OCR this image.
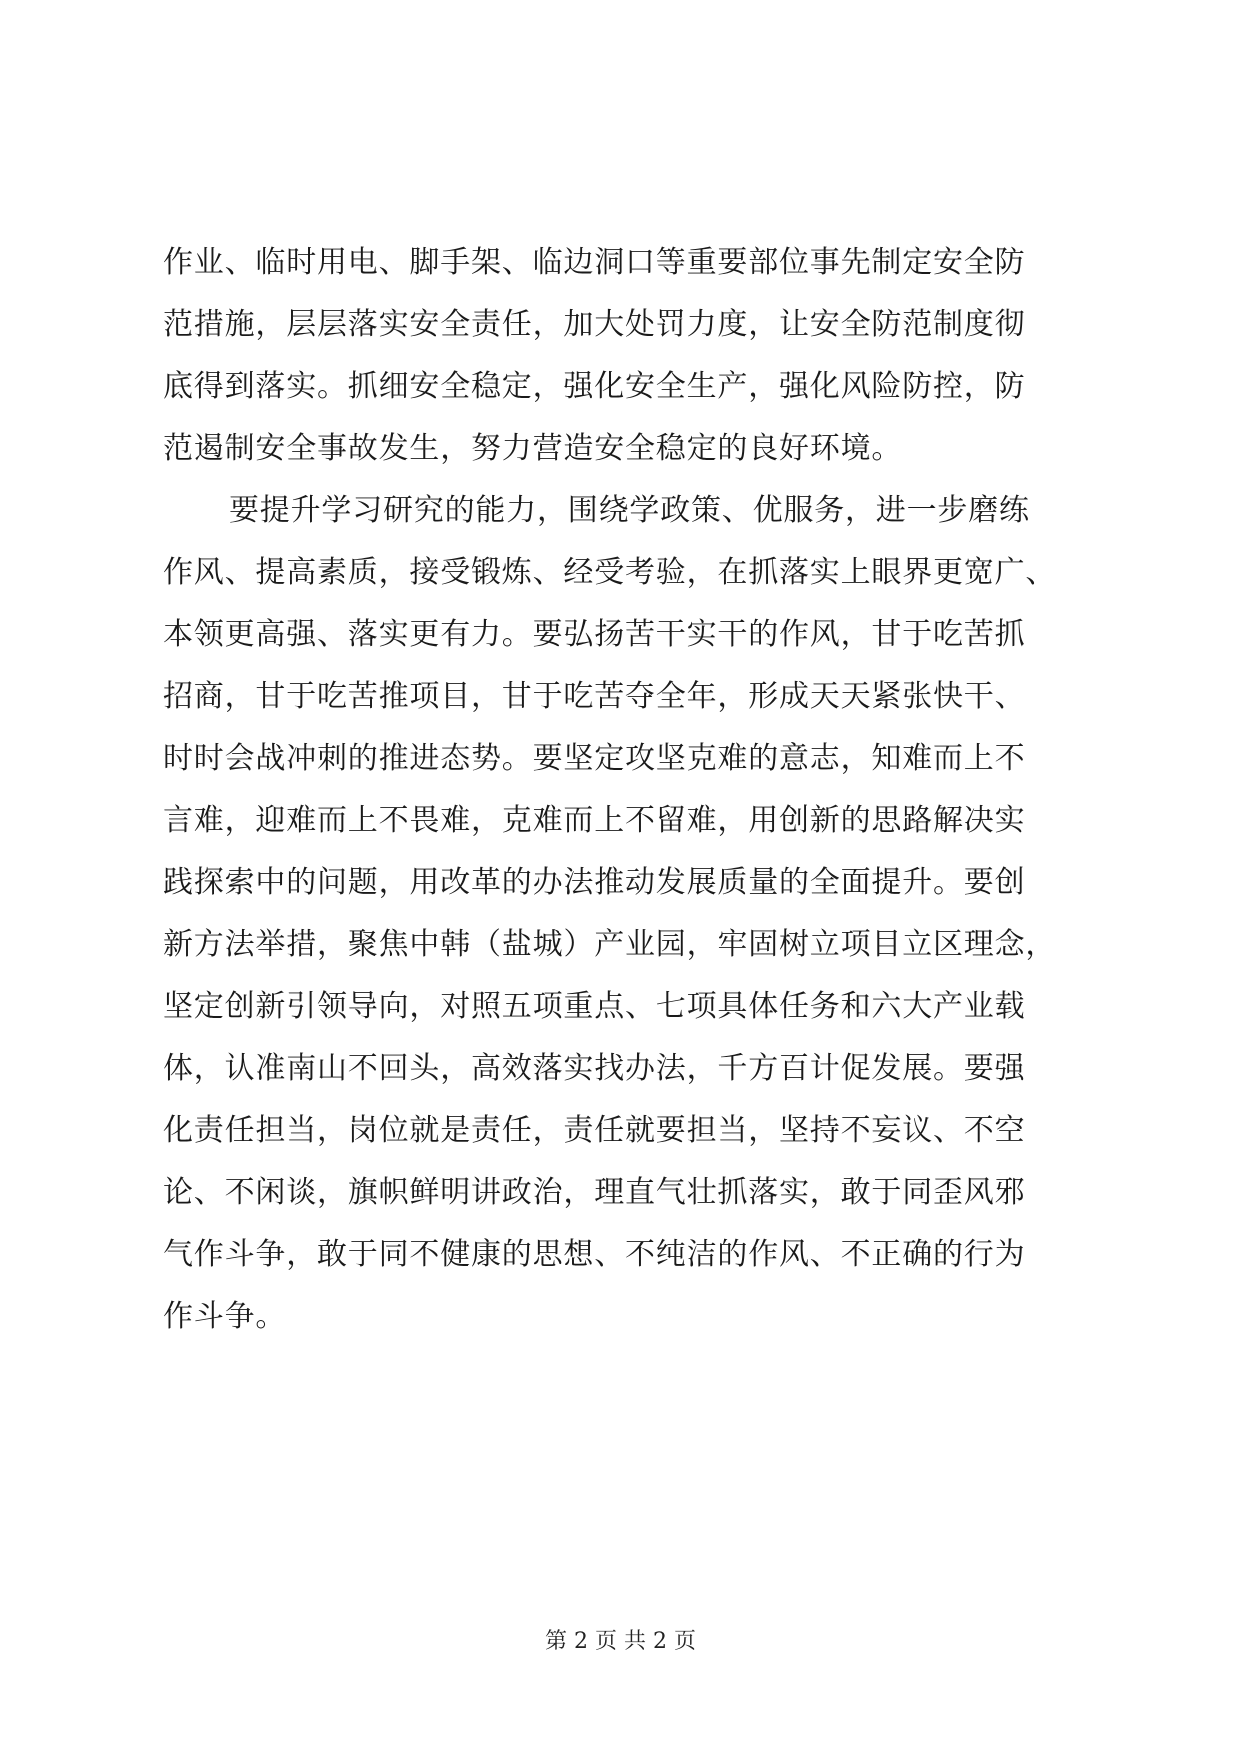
作业、临时用电、脚手架、临边洞口等重要部位事先制定安全防
范措施，层层落实安全责任，加大处罚力度，让安全防范制度彻
底得到落实。抓细安全稳定，强化安全生产，强化风险防控，防
范遏制安全事故发生，努力营造安全稳定的良好环境。
要提升学习研究的能力，围绕学政策、优服务，进一步磨练
作风、提高素质，接受锻炼、经受考验，在抓落实上眼界更宽广、
本领更高强、落实更有力。要弘扬苦干实干的作风，甘于吃苦抓
招商，甘于吃苦推项目，甘于吃苦夺全年，形成天天紧张快干、
时时会战冲刺的推进态势。要坚定攻坚克难的意志，知难而上不
言难，迎难而上不畏难，克难而上不留难，用创新的思路解决实
践探索中的问题，用改革的办法推动发展质量的全面提升。要创
新方法举措，聚焦中韩（盐城）产业园，牢固树立项目立区理念，
坚定创新引领导向，对照五项重点、七项具体任务和六大产业载
体，认准南山不回头，高效落实找办法，千方百计促发展。要强
化责任担当，岗位就是责任，责任就要担当，坚持不妄议、不空
论、不闲谈，旗帜鲜明讲政治，理直气壮抓落实，敢于同歪风邪
气作斗争，敢于同不健康的思想、不纯洁的作风、不正确的行为
作斗争。
第 2 页 共 2 页
